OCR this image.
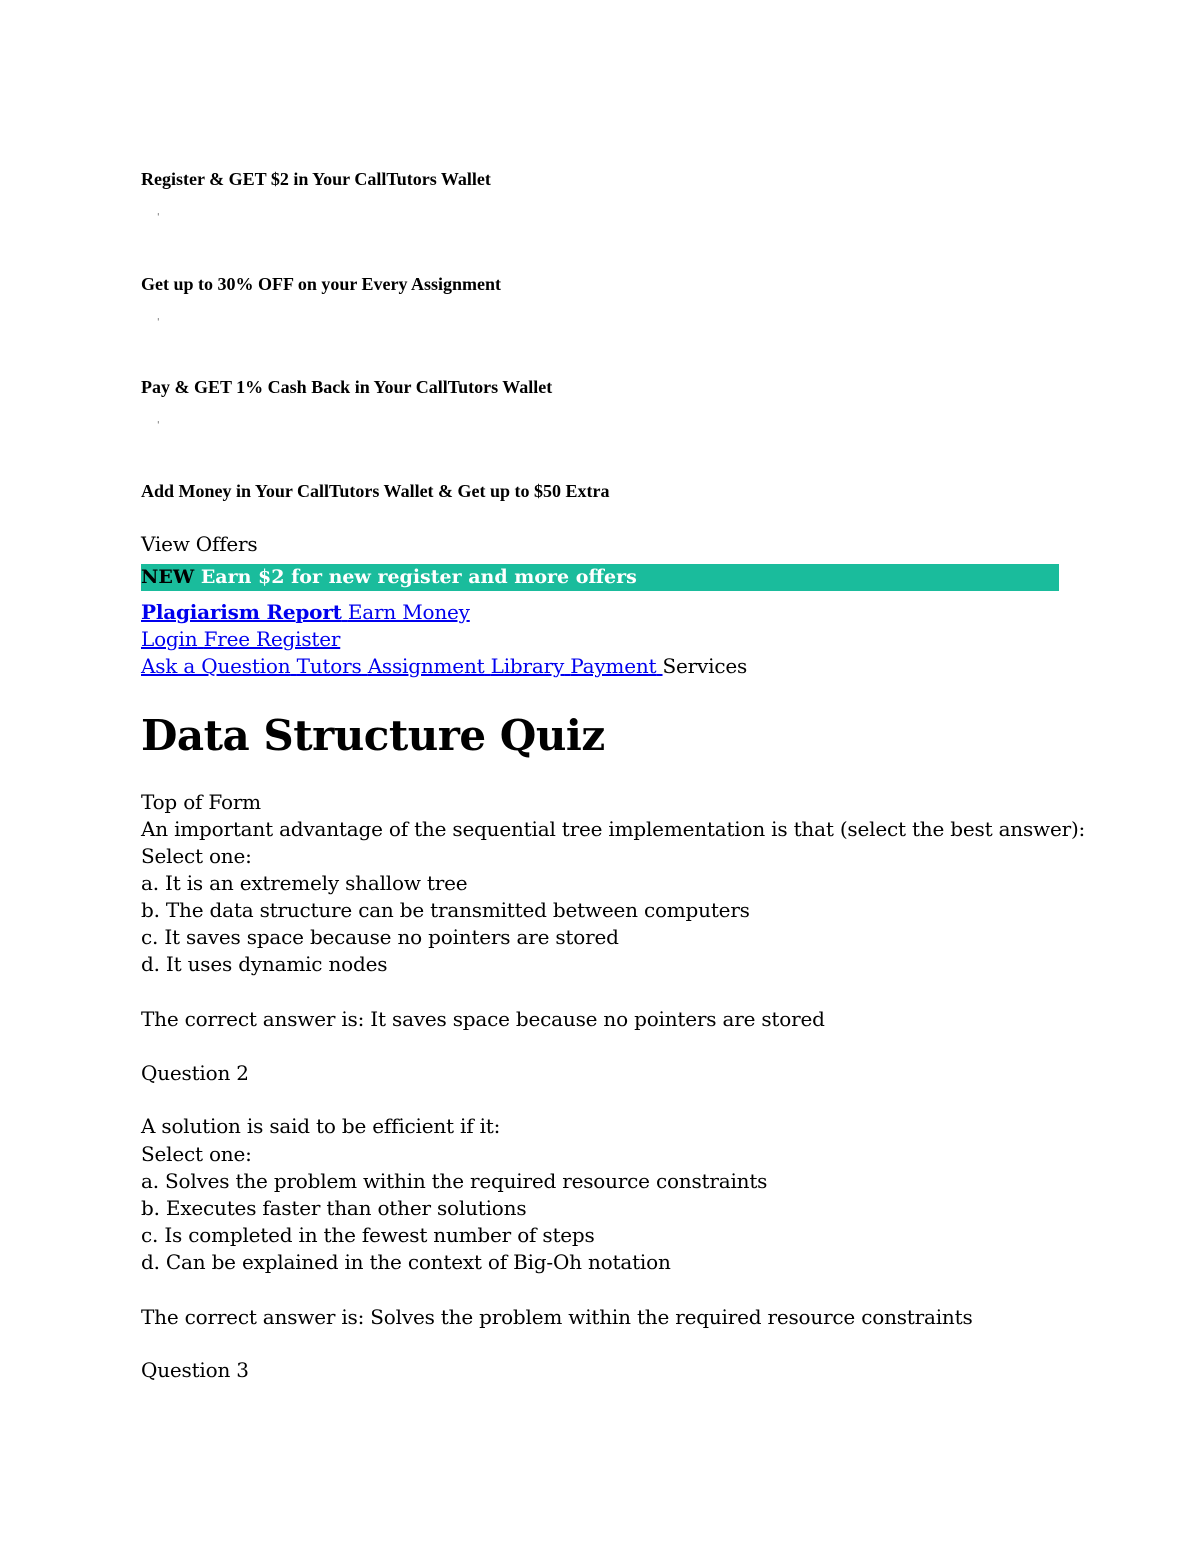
Register & GET $2 in Your CallTutors Wallet
'
Get up to 30% OFF on your Every Assignment
'
Pay & GET 1% Cash Back in Your CallTutors Wallet
'
Add Money in Your CallTutors Wallet & Get up to $50 Extra
View Offers
NEW Earn $2 for new register and more offers
Plagiarism Report Earn Money
Login Free Register
Ask a Question Tutors Assignment Library Payment Services
Data Structure Quiz
Top of Form
An important advantage of the sequential tree implementation is that (select the best answer):
Select one:
a. It is an extremely shallow tree
b. The data structure can be transmitted between computers
c. It saves space because no pointers are stored
d. It uses dynamic nodes
The correct answer is: It saves space because no pointers are stored
Question 2
A solution is said to be efficient if it:
Select one:
a. Solves the problem within the required resource constraints
b. Executes faster than other solutions
c. Is completed in the fewest number of steps
d. Can be explained in the context of Big-Oh notation
The correct answer is: Solves the problem within the required resource constraints
Question 3
